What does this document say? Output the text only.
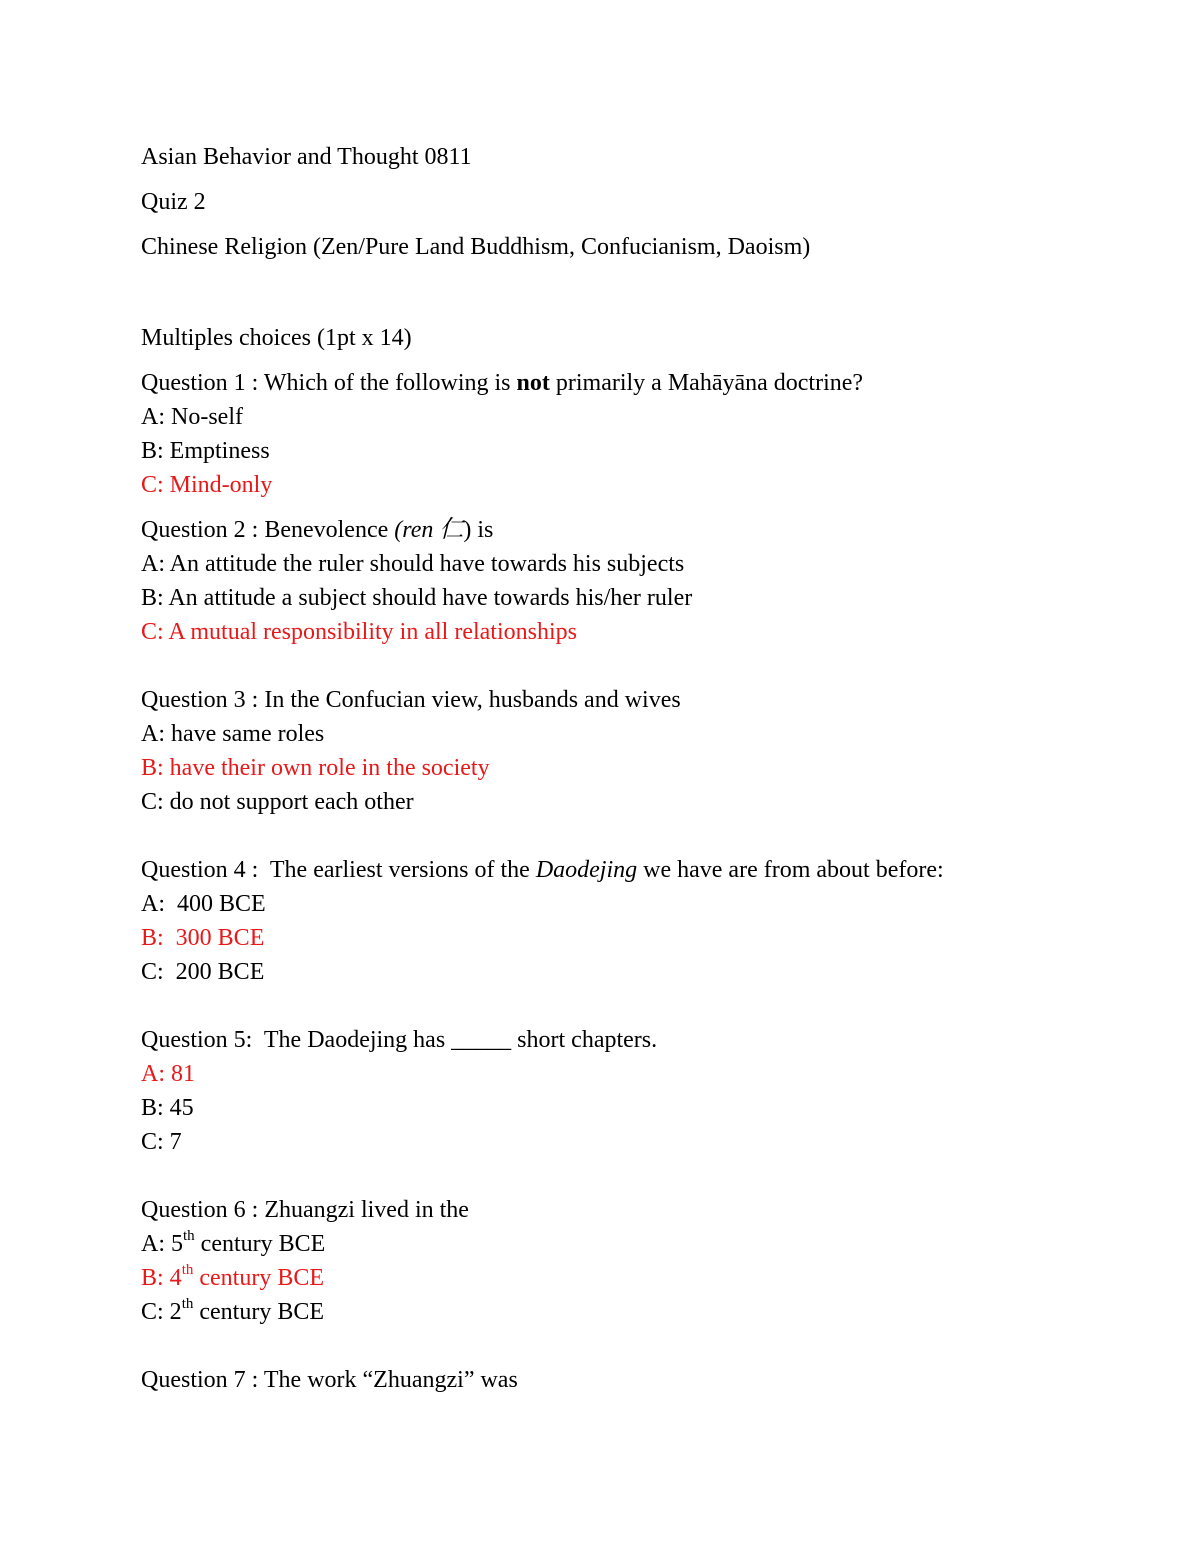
Asian Behavior and Thought 0811
Quiz 2
Chinese Religion (Zen/Pure Land Buddhism, Confucianism, Daoism)
Multiples choices (1pt x 14)
Question 1 : Which of the following is not primarily a Mahāyāna doctrine?
A: No-self
B: Emptiness
C: Mind-only
Question 2 : Benevolence (ren 仁) is
A: An attitude the ruler should have towards his subjects
B: An attitude a subject should have towards his/her ruler
C: A mutual responsibility in all relationships
Question 3 : In the Confucian view, husbands and wives
A: have same roles
B: have their own role in the society
C: do not support each other
Question 4 :  The earliest versions of the Daodejing we have are from about before:
A:  400 BCE
B:  300 BCE
C:  200 BCE
Question 5:  The Daodejing has _____ short chapters.
A: 81
B: 45
C: 7
Question 6 : Zhuangzi lived in the
A: 5th century BCE
B: 4th century BCE
C: 2th century BCE
Question 7 : The work “Zhuangzi” was
